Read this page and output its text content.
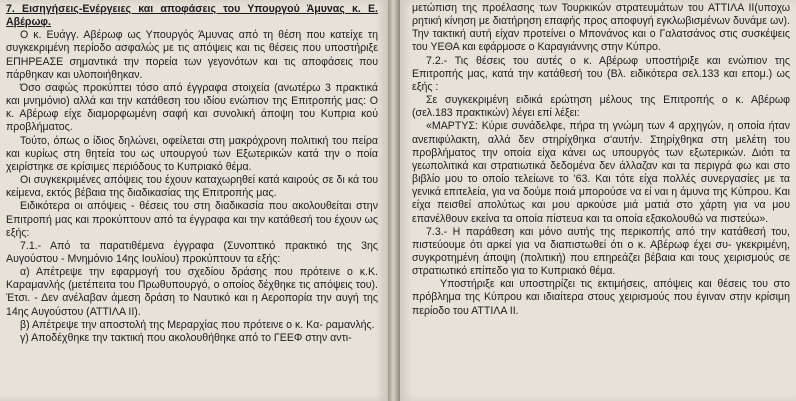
7. Εισηγήσεις-Ενέργειες και αποφάσεις του Υπουργού Άμυνας κ. Ε. Αβέρωφ.

Ο κ. Ευάγγ. Αβέρωφ ως Υπουργός Άμυνας από τη θέση που κατείχε τη συγκεκριμένη περίοδο ασφαλώς με τις απόψεις και τις θέσεις που υποστήριξε ΕΠΗΡΕΑΣΕ σημαντικά την πορεία των γεγονότων και τις αποφάσεις που πάρθηκαν και υλοποιήθηκαν.

Όσο σαφώς προκύπτει τόσο από έγγραφα στοιχεία (ανωτέρω 3 πρακτικά και μνημόνιο) αλλά και την κατάθεση του ιδίου ενώπιον της Επιτροπής μας: Ο κ. Αβέρωφ είχε διαμορφωμένη σαφή και συνολική άποψη του Κυπρια κού προβλήματος.

Τούτο, όπως ο ίδιος δηλώνει, οφείλεται στη μακρόχρονη πολιτική του πείρα και κυρίως στη θητεία του ως υπουργού των Εξωτερικών κατά την ο ποία χειρίστηκε σε κρίσιμες περιόδους το Κυπριακό θέμα.

Οι συγκεκριμένες απόψεις του έχουν καταχωρηθεί κατά καιρούς σε δι κά του κείμενα, εκτός βέβαια της διαδικασίας της Επιτροπής μας.

Ειδικότερα οι απόψεις - θέσεις του στη διαδικασία που ακολουθείται στην Επιτροπή μας και προκύπτουν από τα έγγραφα και την κατάθεσή του έχουν ως εξής:

7.1.- Από τα παρατιθέμενα έγγραφα (Συνοπτικό πρακτικό της 3ης Αυγούστου - Μνημόνιο 14ης Ιουλίου) προκύπτουν τα εξής:

α) Απέτρεψε την εφαρμογή του σχεδίου δράσης που πρότεινε ο κ.Κ. Καραμανλής (μετέπειτα του Πρωθυπουργό, ο οποίος δέχθηκε τις απόψεις του). Έτσι. - Δεν ανέλαβαν άμεση δράση το Ναυτικό και η Αεροπορία την αυγή της 14ης Αυγούστου (ΑΤΤΙΛΑ ΙΙ).

β) Απέτρεψε την αποστολή της Μεραρχίας που πρότεινε ο κ. Κα- ραμανλής.

γ) Αποδέχθηκε την τακτική που ακολουθήθηκε από το ΓΕΕΦ στην αντι-

μετώπιση της προέλασης των Τουρκικών στρατευμάτων του ΑΤΤΙΛΑ ΙΙ(υποχω ρητική κίνηση με διατήρηση επαφής προς αποφυγή εγκλωβισμένων δυνάμε ων). Την τακτική αυτή είχαν προτείνει ο Μπονάνος και ο Γαλατσάνος στις συσκέψεις του ΥΕΘΑ και εφάρμοσε ο Καραγιάννης στην Κύπρο.

7.2.- Τις θέσεις του αυτές ο κ. Αβέρωφ υποστήριξε και ενώπιον της Επιτροπής μας, κατά την κατάθεσή του (Βλ. ειδικότερα σελ.133 και επομ.) ως εξής :

Σε συγκεκριμένη ειδικά ερώτηση μέλους της Επιτροπής ο κ. Αβέρωφ (σελ.183 πρακτικών) λέγει επί λέξει:

«ΜΑΡΤΥΣ: Κύριε συνάδελφε, πήρα τη γνώμη των 4 αρχηγών, η οποία ήταν ανεπιφύλακτη, αλλά δεν στηρίχθηκα σ'αυτήν. Στηρίχθηκα στη μελέτη του προβλήματος την οποία είχα κάνει ως υπουργός των εξωτερικών. Διότι τα γεωπολιτικά και στρατιωτικά δεδομένα δεν άλλαζαν και τα περιγρά φω και στο βιβλίο μου το οποίο τελείωνε το '63. Και τότε είχα πολλές συνεργασίες με τα γενικά επιτελεία, για να δούμε ποιά μπορούσε να εί ναι η άμυνα της Κύπρου. Και είχα πεισθεί απολύτως και μου αρκούσε μιά ματιά στο χάρτη για να μου επανέλθουν εκείνα τα οποία πίστευα και τα οποία εξακολουθώ να πιστεύω».

7.3.- Η παράθεση και μόνο αυτής της περικοπής από την κατάθεσή του, πιστεύουμε ότι αρκεί για να διαπιστωθεί ότι ο κ. Αβέρωφ έχει συ- γκεκριμένη, συγκροτημένη άποψη (πολιτική) που επηρεάζει βέβαια και τους χειρισμούς σε στρατιωτικό επίπεδο για το Κυπριακό θέμα.

Υποστήριξε και υποστηρίζει τις εκτιμήσεις, απόψεις και θέσεις του στο πρόβλημα της Κύπρου και ιδιαίτερα στους χειρισμούς που έγιναν στην κρίσιμη περίοδο του ΑΤΤΙΛΑ ΙΙ.
